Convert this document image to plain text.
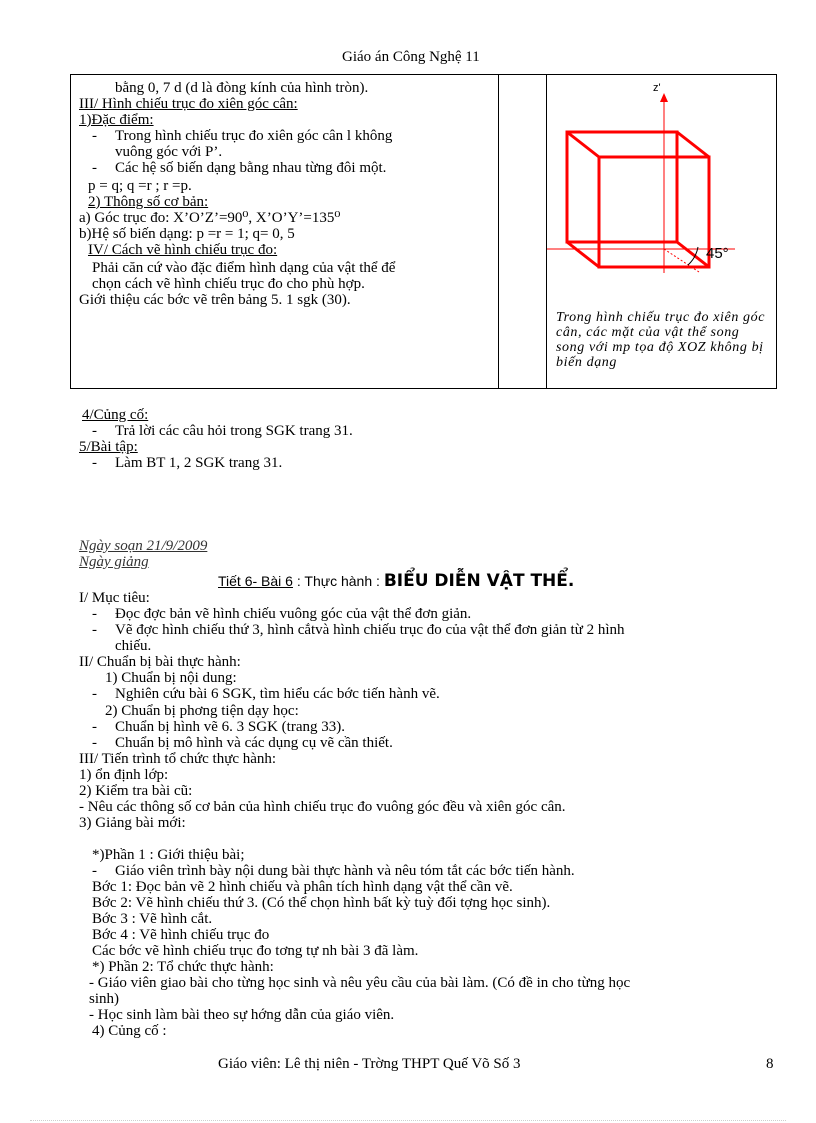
Giáo án Công Nghệ 11
bằng 0, 7 d (d là đòng kính của hình tròn).
III/ Hình chiếu trục đo xiên góc cân:
1)Đặc điểm:
- Trong hình chiếu trục đo xiên góc cân l không
vuông góc với P’.
- Các hệ số biến dạng bằng nhau từng đôi một.
p = q; q =r ; r =p.
2) Thông số cơ bản:
a) Góc trục đo: X’O’Z’=90⁰, X’O’Y’=135⁰
b)Hệ số biến dạng: p =r = 1; q= 0, 5
IV/ Cách vẽ hình chiếu trục đo:
Phải căn cứ vào đặc điểm hình dạng của vật thể để
chọn cách vẽ hình chiếu trục đo cho phù hợp.
Giới thiệu các bớc vẽ trên bảng 5. 1 sgk (30).
z'
45°
Trong hình chiếu trục đo xiên góc cân, các mặt của vật thể song song với mp tọa độ XOZ không bị biến dạng
4/Củng cố:
- Trả lời các câu hỏi trong SGK trang 31.
5/Bài tập:
- Làm BT 1, 2 SGK trang 31.
Ngày soạn 21/9/2009
Ngày giảng
Tiết 6- Bài 6 : Thực hành : BIỂU DIỄN VẬT THỂ.
I/ Mục tiêu:
- Đọc đợc bản vẽ hình chiếu vuông góc của vật thể đơn giản.
- Vẽ đợc hình chiếu thứ 3, hình cắtvà hình chiếu trục đo của vật thể đơn giản từ 2 hình
chiếu.
II/ Chuẩn bị bài thực hành:
1) Chuẩn bị nội dung:
- Nghiên cứu bài 6 SGK, tìm hiểu các bớc tiến hành vẽ.
2) Chuẩn bị phơng tiện dạy học:
- Chuẩn bị hình vẽ 6. 3 SGK (trang 33).
- Chuẩn bị mô hình và các dụng cụ vẽ cần thiết.
III/ Tiến trình tổ chức thực hành:
1) ổn định lớp:
2) Kiểm tra bài cũ:
- Nêu các thông số cơ bản của hình chiếu trục đo vuông góc đều và xiên góc cân.
3) Giảng bài mới:
*)Phần 1 : Giới thiệu bài;
- Giáo viên trình bày nội dung bài thực hành và nêu tóm tắt các bớc tiến hành.
Bớc 1: Đọc bản vẽ 2 hình chiếu và phân tích hình dạng vật thể cần vẽ.
Bớc 2: Vẽ hình chiếu thứ 3. (Có thể chọn hình bất kỳ tuỳ đối tợng học sinh).
Bớc 3 : Vẽ hình cắt.
Bớc 4 : Vẽ hình chiếu trục đo
Các bớc vẽ hình chiếu trục đo tơng tự nh bài 3 đã làm.
*) Phần 2: Tổ chức thực hành:
- Giáo viên giao bài cho từng học sinh và nêu yêu cầu của bài làm. (Có đề in cho từng học
sinh)
- Học sinh làm bài theo sự hớng dẫn của giáo viên.
4) Củng cố :
Giáo viên: Lê thị niên - Trờng THPT Quế Võ Số 3	8
